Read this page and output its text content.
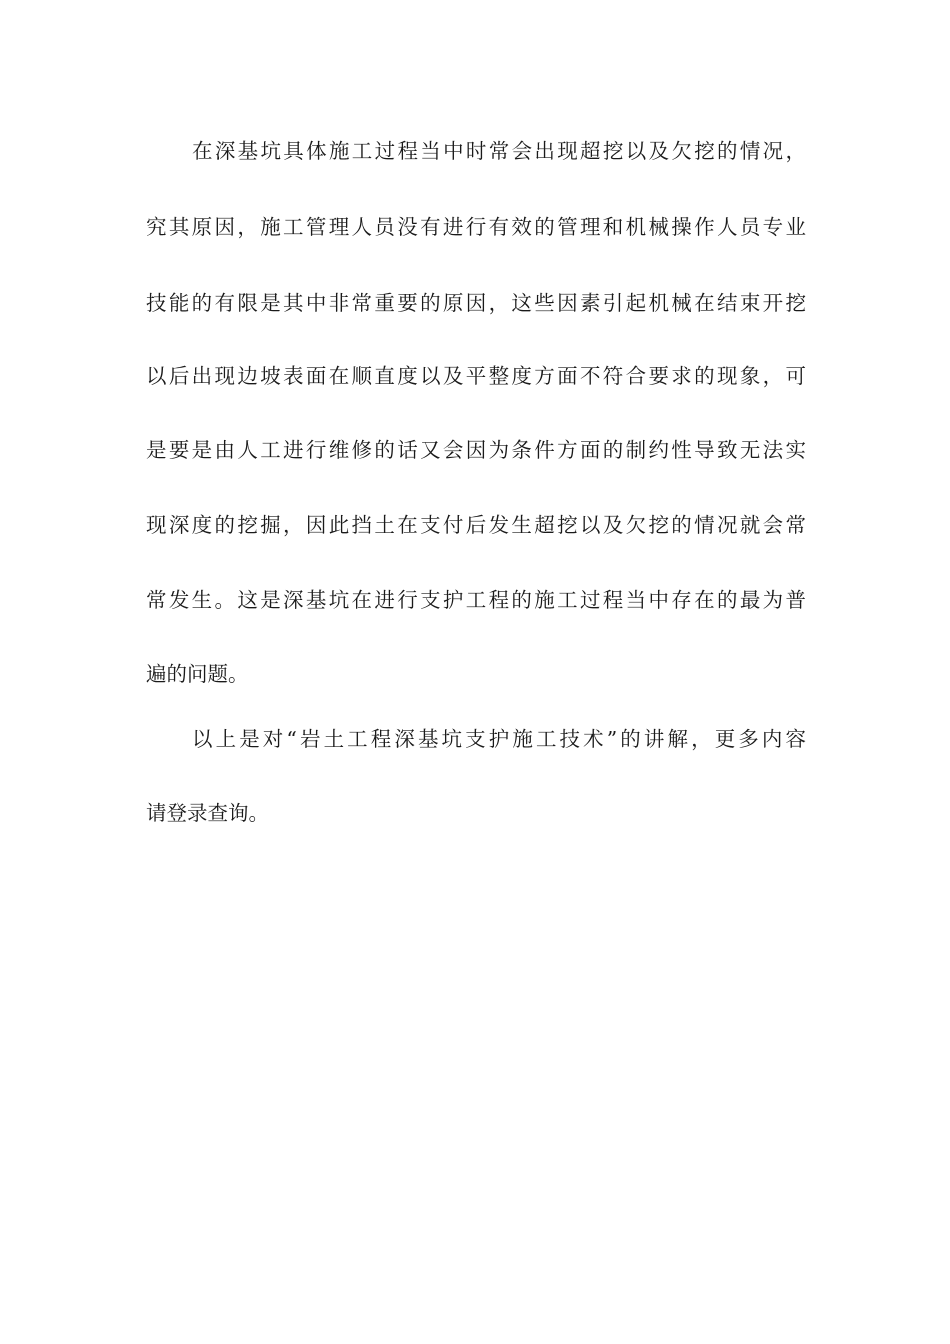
在深基坑具体施工过程当中时常会出现超挖以及欠挖的情况，
究其原因，施工管理人员没有进行有效的管理和机械操作人员专业
技能的有限是其中非常重要的原因，这些因素引起机械在结束开挖
以后出现边坡表面在顺直度以及平整度方面不符合要求的现象，可
是要是由人工进行维修的话又会因为条件方面的制约性导致无法实
现深度的挖掘，因此挡土在支付后发生超挖以及欠挖的情况就会常
常发生。这是深基坑在进行支护工程的施工过程当中存在的最为普
遍的问题。
以上是对“岩土工程深基坑支护施工技术”的讲解，更多内容
请登录查询。
